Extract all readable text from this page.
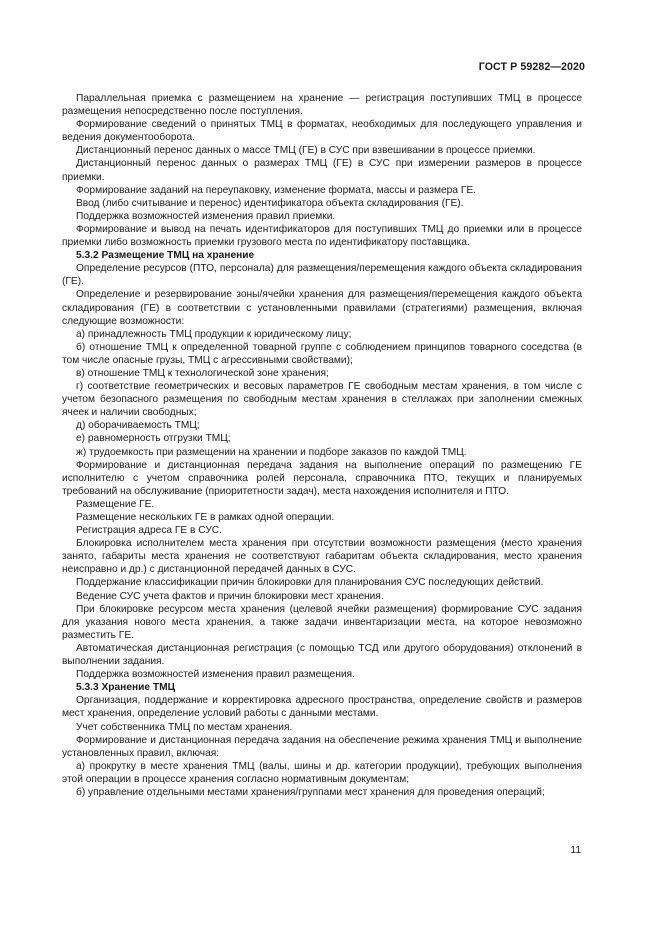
ГОСТ Р 59282—2020

Параллельная приемка с размещением на хранение — регистрация поступивших ТМЦ в процессе размещения непосредственно после поступления.

Формирование сведений о принятых ТМЦ в форматах, необходимых для последующего управления и ведения документооборота.

Дистанционный перенос данных о массе ТМЦ (ГЕ) в СУС при взвешивании в процессе приемки.

Дистанционный перенос данных о размерах ТМЦ (ГЕ) в СУС при измерении размеров в процессе приемки.

Формирование заданий на переупаковку, изменение формата, массы и размера ГЕ.

Ввод (либо считывание и перенос) идентификатора объекта складирования (ГЕ).

Поддержка возможностей изменения правил приемки.

Формирование и вывод на печать идентификаторов для поступивших ТМЦ до приемки или в процессе приемки либо возможность приемки грузового места по идентификатору поставщика.

5.3.2 Размещение ТМЦ на хранение

Определение ресурсов (ПТО, персонала) для размещения/перемещения каждого объекта складирования (ГЕ).

Определение и резервирование зоны/ячейки хранения для размещения/перемещения каждого объекта складирования (ГЕ) в соответствии с установленными правилами (стратегиями) размещения, включая следующие возможности:

а) принадлежность ТМЦ продукции к юридическому лицу;

б) отношение ТМЦ к определенной товарной группе с соблюдением принципов товарного соседства (в том числе опасные грузы, ТМЦ с агрессивными свойствами);

в) отношение ТМЦ к технологической зоне хранения;

г) соответствие геометрических и весовых параметров ГЕ свободным местам хранения, в том числе с учетом безопасного размещения по свободным местам хранения в стеллажах при заполнении смежных ячеек и наличии свободных;

д) оборачиваемость ТМЦ;

е) равномерность отгрузки ТМЦ;

ж) трудоемкость при размещении на хранении и подборе заказов по каждой ТМЦ.

Формирование и дистанционная передача задания на выполнение операций по размещению ГЕ исполнителю с учетом справочника ролей персонала, справочника ПТО, текущих и планируемых требований на обслуживание (приоритетности задач), места нахождения исполнителя и ПТО.

Размещение ГЕ.

Размещение нескольких ГЕ в рамках одной операции.

Регистрация адреса ГЕ в СУС.

Блокировка исполнителем места хранения при отсутствии возможности размещения (место хранения занято, габариты места хранения не соответствуют габаритам объекта складирования, место хранения неисправно и др.) с дистанционной передачей данных в СУС.

Поддержание классификации причин блокировки для планирования СУС последующих действий.

Ведение СУС учета фактов и причин блокировки мест хранения.

При блокировке ресурсом места хранения (целевой ячейки размещения) формирование СУС задания для указания нового места хранения, а также задачи инвентаризации места, на которое невозможно разместить ГЕ.

Автоматическая дистанционная регистрация (с помощью ТСД или другого оборудования) отклонений в выполнении задания.

Поддержка возможностей изменения правил размещения.

5.3.3 Хранение ТМЦ

Организация, поддержание и корректировка адресного пространства, определение свойств и размеров мест хранения, определение условий работы с данными местами.

Учет собственника ТМЦ по местам хранения.

Формирование и дистанционная передача задания на обеспечение режима хранения ТМЦ и выполнение установленных правил, включая:

а) прокрутку в месте хранения ТМЦ (валы, шины и др. категории продукции), требующих выполнения этой операции в процессе хранения согласно нормативным документам;

б) управление отдельными местами хранения/группами мест хранения для проведения операций;

11
